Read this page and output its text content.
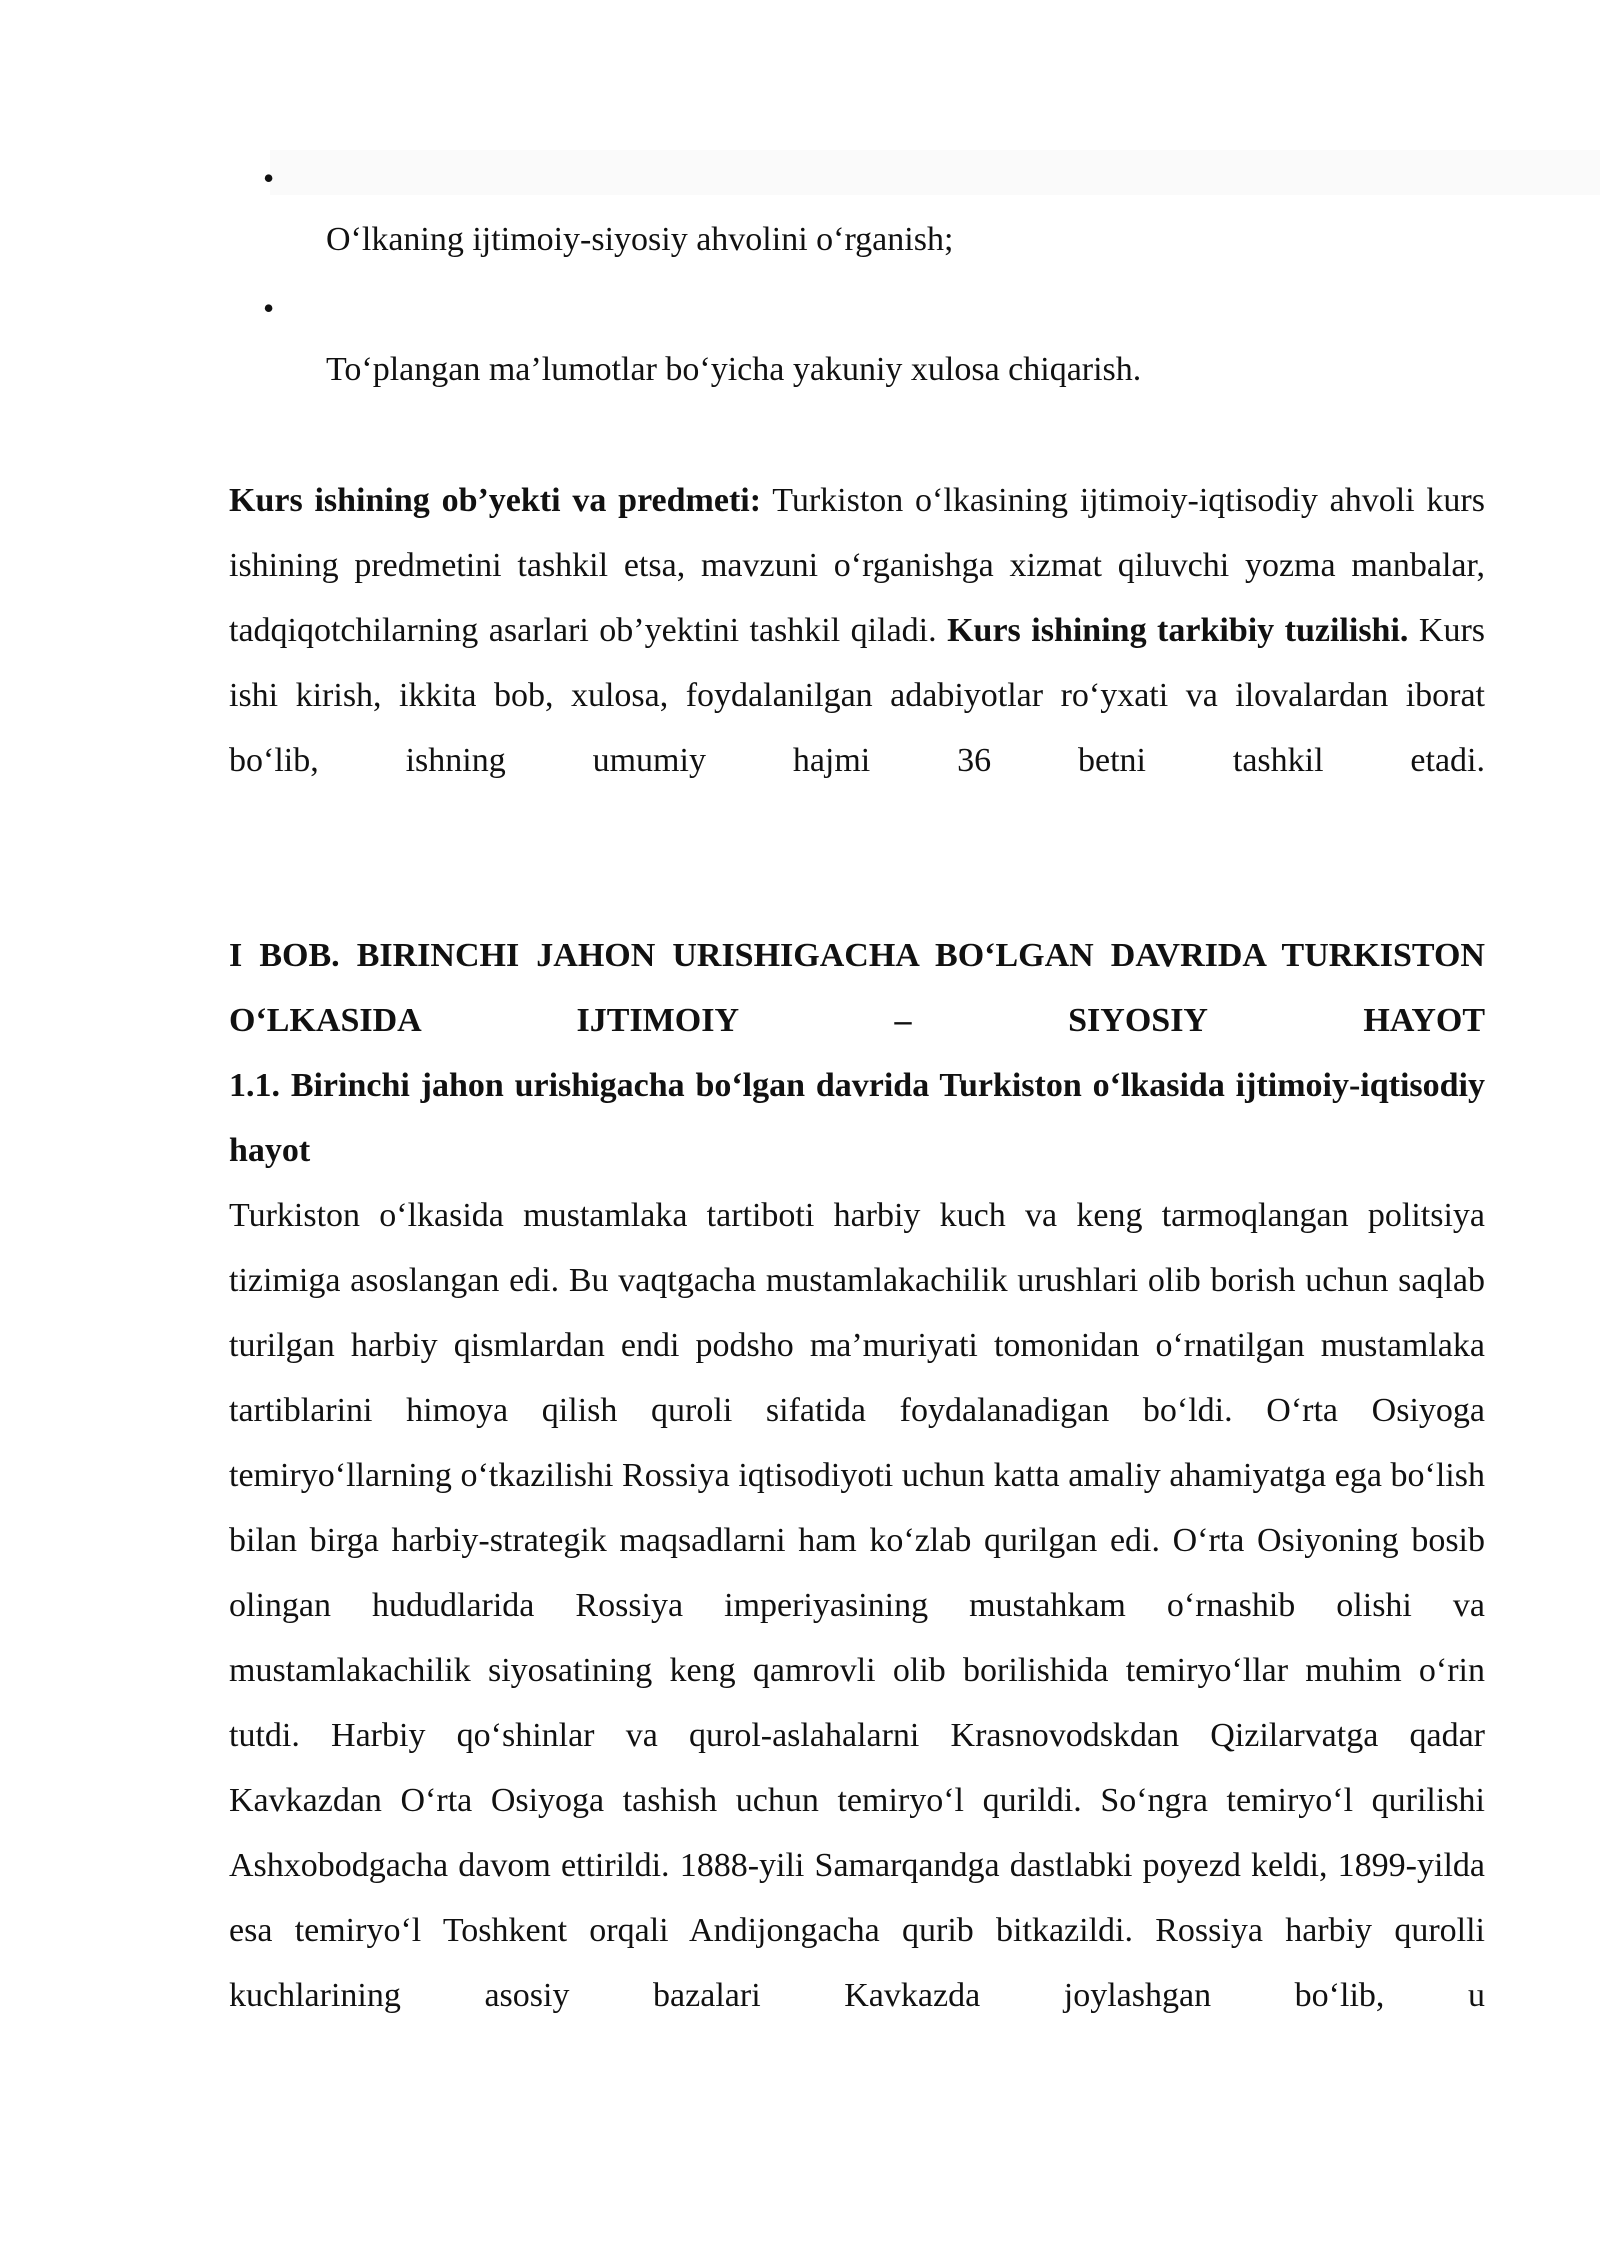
•
O‘lkaning ijtimoiy-siyosiy ahvolini o‘rganish;
•
To‘plangan ma’lumotlar bo‘yicha yakuniy xulosa chiqarish.
Kurs ishining ob’yekti va predmeti: Turkiston o‘lkasining ijtimoiy-iqtisodiy ahvoli kurs ishining predmetini tashkil etsa, mavzuni o‘rganishga xizmat qiluvchi yozma manbalar, tadqiqotchilarning asarlari ob’yektini tashkil qiladi. Kurs ishining tarkibiy tuzilishi. Kurs ishi kirish, ikkita bob, xulosa, foydalanilgan adabiyotlar ro‘yxati va ilovalardan iborat bo‘lib, ishning umumiy hajmi 36 betni tashkil etadi.
I BOB. BIRINCHI JAHON URISHIGACHA BO‘LGAN DAVRIDA TURKISTON O‘LKASIDA IJTIMOIY – SIYOSIY HAYOT
1.1. Birinchi jahon urishigacha bo‘lgan davrida Turkiston o‘lkasida ijtimoiy-iqtisodiy hayot
Turkiston o‘lkasida mustamlaka tartiboti harbiy kuch va keng tarmoqlangan politsiya tizimiga asoslangan edi. Bu vaqtgacha mustamlakachilik urushlari olib borish uchun saqlab turilgan harbiy qismlardan endi podsho ma’muriyati tomonidan o‘rnatilgan mustamlaka tartiblarini himoya qilish quroli sifatida foydalanadigan bo‘ldi. O‘rta Osiyoga temiryo‘llarning o‘tkazilishi Rossiya iqtisodiyoti uchun katta amaliy ahamiyatga ega bo‘lish bilan birga harbiy-strategik maqsadlarni ham ko‘zlab qurilgan edi. O‘rta Osiyoning bosib olingan hududlarida Rossiya imperiyasining mustahkam o‘rnashib olishi va mustamlakachilik siyosatining keng qamrovli olib borilishida temiryo‘llar muhim o‘rin tutdi. Harbiy qo‘shinlar va qurol-aslahalarni Krasnovodskdan Qizilarvatga qadar Kavkazdan O‘rta Osiyoga tashish uchun temiryo‘l qurildi. So‘ngra temiryo‘l qurilishi Ashxobodgacha davom ettirildi. 1888-yili Samarqandga dastlabki poyezd keldi, 1899-yilda esa temiryo‘l Toshkent orqali Andijongacha qurib bitkazildi. Rossiya harbiy qurolli kuchlarining asosiy bazalari Kavkazda joylashgan bo‘lib, u
